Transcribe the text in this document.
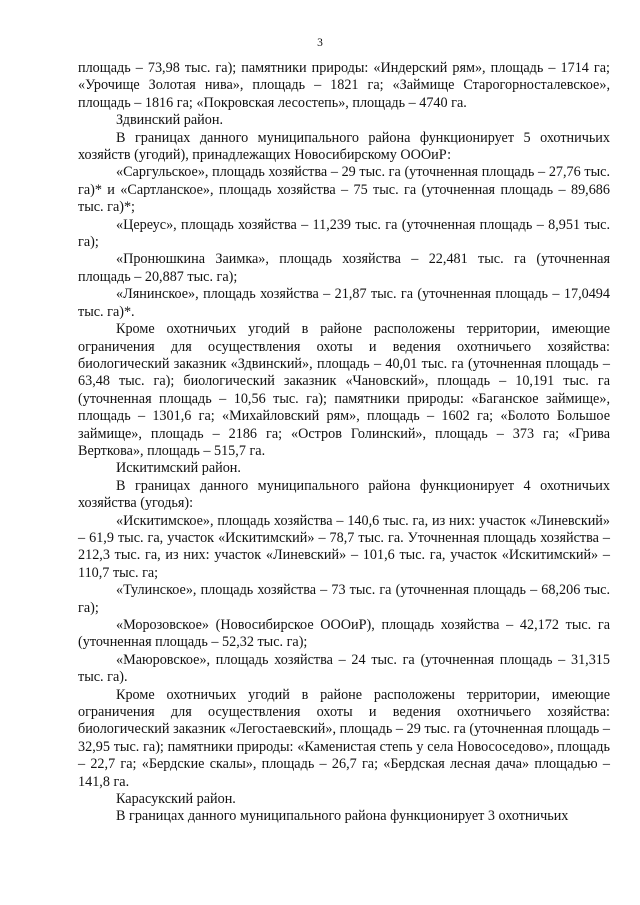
3

площадь – 73,98 тыс. га); памятники природы: «Индерский рям», площадь – 1714 га; «Урочище Золотая нива», площадь – 1821 га; «Займище Старогорносталевское», площадь – 1816 га; «Покровская лесостепь», площадь – 4740 га.

Здвинский район.

В границах данного муниципального района функционирует 5 охотничьих хозяйств (угодий), принадлежащих Новосибирскому ОООиР:

«Саргульское», площадь хозяйства – 29 тыс. га (уточненная площадь – 27,76 тыс. га)* и «Сартланское», площадь хозяйства – 75 тыс. га (уточненная площадь – 89,686 тыс. га)*;

«Цереус», площадь хозяйства – 11,239 тыс. га (уточненная площадь – 8,951 тыс. га);

«Пронюшкина Заимка», площадь хозяйства – 22,481 тыс. га (уточненная площадь – 20,887 тыс. га);

«Лянинское», площадь хозяйства – 21,87 тыс. га (уточненная площадь – 17,0494 тыс. га)*.

Кроме охотничьих угодий в районе расположены территории, имеющие ограничения для осуществления охоты и ведения охотничьего хозяйства: биологический заказник «Здвинский», площадь – 40,01 тыс. га (уточненная площадь – 63,48 тыс. га); биологический заказник «Чановский», площадь – 10,191 тыс. га (уточненная площадь – 10,56 тыс. га); памятники природы: «Баганское займище», площадь – 1301,6 га; «Михайловский рям», площадь – 1602 га; «Болото Большое займище», площадь – 2186 га; «Остров Голинский», площадь – 373 га; «Грива Верткова», площадь – 515,7 га.

Искитимский район.

В границах данного муниципального района функционирует 4 охотничьих хозяйства (угодья):

«Искитимское», площадь хозяйства – 140,6 тыс. га, из них: участок «Линевский» – 61,9 тыс. га, участок «Искитимский» – 78,7 тыс. га. Уточненная площадь хозяйства – 212,3 тыс. га, из них: участок «Линевский» – 101,6 тыс. га, участок «Искитимский» – 110,7 тыс. га;

«Тулинское», площадь хозяйства – 73 тыс. га (уточненная площадь – 68,206 тыс. га);

«Морозовское» (Новосибирское ОООиР), площадь хозяйства – 42,172 тыс. га (уточненная площадь – 52,32 тыс. га);

«Маюровское», площадь хозяйства – 24 тыс. га (уточненная площадь – 31,315 тыс. га).

Кроме охотничьих угодий в районе расположены территории, имеющие ограничения для осуществления охоты и ведения охотничьего хозяйства: биологический заказник «Легостаевский», площадь – 29 тыс. га (уточненная площадь – 32,95 тыс. га); памятники природы: «Каменистая степь у села Новососедово», площадь – 22,7 га; «Бердские скалы», площадь – 26,7 га; «Бердская лесная дача» площадью – 141,8 га.

Карасукский район.

В границах данного муниципального района функционирует 3 охотничьих
